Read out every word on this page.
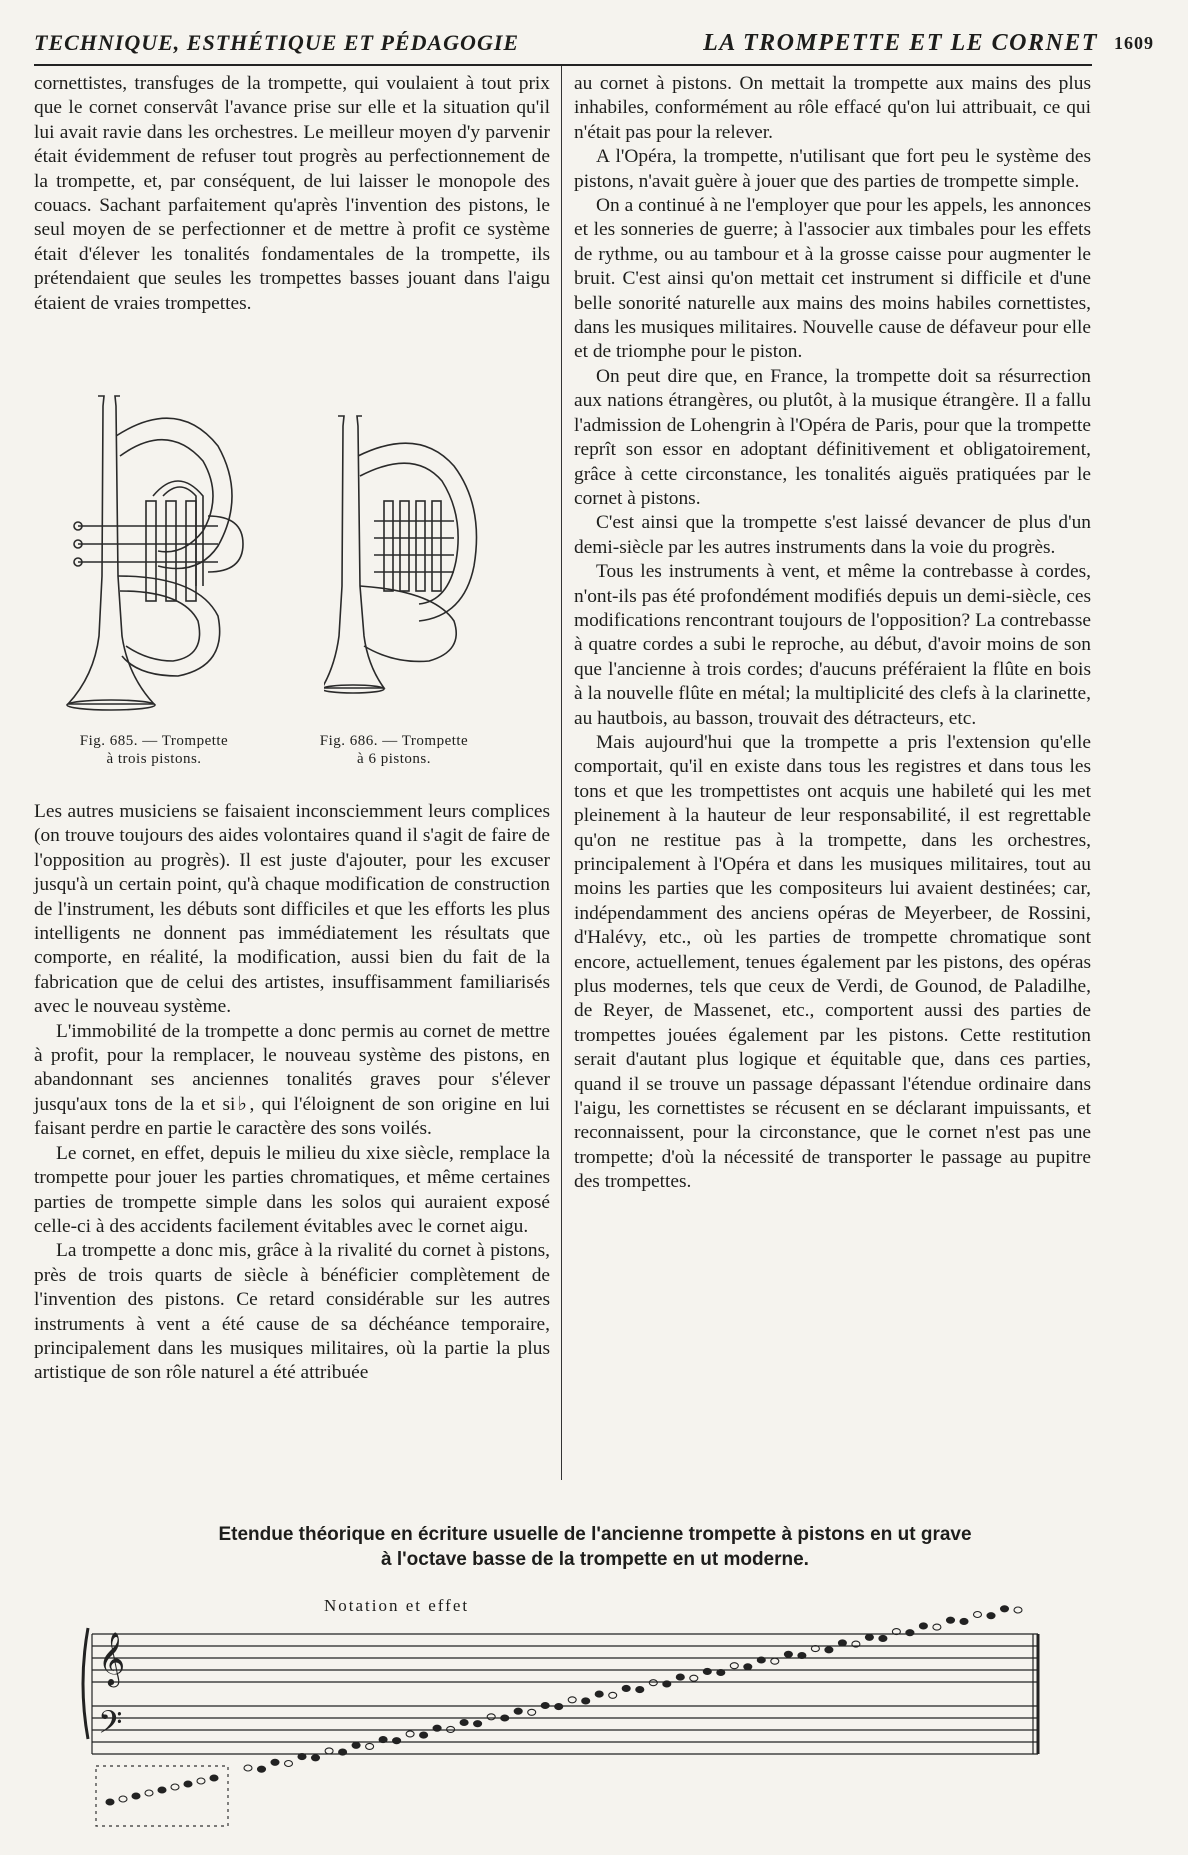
TECHNIQUE, ESTHÉTIQUE ET PÉDAGOGIE	LA TROMPETTE ET LE CORNET 1609

cornettistes, transfuges de la trompette, qui voulaient à tout prix que le cornet conservât l'avance prise sur elle et la situation qu'il lui avait ravie dans les orchestres. Le meilleur moyen d'y parvenir était évidemment de refuser tout progrès au perfectionnement de la trompette, et, par conséquent, de lui laisser le monopole des couacs. Sachant parfaitement qu'après l'invention des pistons, le seul moyen de se perfectionner et de mettre à profit ce système était d'élever les tonalités fondamentales de la trompette, ils prétendaient que seules les trompettes basses jouant dans l'aigu étaient de vraies trompettes.

Fig. 685. — Trompette
à trois pistons.
Fig. 686. — Trompette
à 6 pistons.

Les autres musiciens se faisaient inconsciemment leurs complices (on trouve toujours des aides volontaires quand il s'agit de faire de l'opposition au progrès). Il est juste d'ajouter, pour les excuser jusqu'à un certain point, qu'à chaque modification de construction de l'instrument, les débuts sont difficiles et que les efforts les plus intelligents ne donnent pas immédiatement les résultats que comporte, en réalité, la modification, aussi bien du fait de la fabrication que de celui des artistes, insuffisamment familiarisés avec le nouveau système.

L'immobilité de la trompette a donc permis au cornet de mettre à profit, pour la remplacer, le nouveau système des pistons, en abandonnant ses anciennes tonalités graves pour s'élever jusqu'aux tons de la et si♭, qui l'éloignent de son origine en lui faisant perdre en partie le caractère des sons voilés.

Le cornet, en effet, depuis le milieu du xixe siècle, remplace la trompette pour jouer les parties chromatiques, et même certaines parties de trompette simple dans les solos qui auraient exposé celle-ci à des accidents facilement évitables avec le cornet aigu.

La trompette a donc mis, grâce à la rivalité du cornet à pistons, près de trois quarts de siècle à bénéficier complètement de l'invention des pistons. Ce retard considérable sur les autres instruments à vent a été cause de sa déchéance temporaire, principalement dans les musiques militaires, où la partie la plus artistique de son rôle naturel a été attribuée

au cornet à pistons. On mettait la trompette aux mains des plus inhabiles, conformément au rôle effacé qu'on lui attribuait, ce qui n'était pas pour la relever.

A l'Opéra, la trompette, n'utilisant que fort peu le système des pistons, n'avait guère à jouer que des parties de trompette simple.

On a continué à ne l'employer que pour les appels, les annonces et les sonneries de guerre; à l'associer aux timbales pour les effets de rythme, ou au tambour et à la grosse caisse pour augmenter le bruit. C'est ainsi qu'on mettait cet instrument si difficile et d'une belle sonorité naturelle aux mains des moins habiles cornettistes, dans les musiques militaires. Nouvelle cause de défaveur pour elle et de triomphe pour le piston.

On peut dire que, en France, la trompette doit sa résurrection aux nations étrangères, ou plutôt, à la musique étrangère. Il a fallu l'admission de Lohengrin à l'Opéra de Paris, pour que la trompette reprît son essor en adoptant définitivement et obligatoirement, grâce à cette circonstance, les tonalités aiguës pratiquées par le cornet à pistons.

C'est ainsi que la trompette s'est laissé devancer de plus d'un demi-siècle par les autres instruments dans la voie du progrès.

Tous les instruments à vent, et même la contrebasse à cordes, n'ont-ils pas été profondément modifiés depuis un demi-siècle, ces modifications rencontrant toujours de l'opposition? La contrebasse à quatre cordes a subi le reproche, au début, d'avoir moins de son que l'ancienne à trois cordes; d'aucuns préféraient la flûte en bois à la nouvelle flûte en métal; la multiplicité des clefs à la clarinette, au hautbois, au basson, trouvait des détracteurs, etc.

Mais aujourd'hui que la trompette a pris l'extension qu'elle comportait, qu'il en existe dans tous les registres et dans tous les tons et que les trompettistes ont acquis une habileté qui les met pleinement à la hauteur de leur responsabilité, il est regrettable qu'on ne restitue pas à la trompette, dans les orchestres, principalement à l'Opéra et dans les musiques militaires, tout au moins les parties que les compositeurs lui avaient destinées; car, indépendamment des anciens opéras de Meyerbeer, de Rossini, d'Halévy, etc., où les parties de trompette chromatique sont encore, actuellement, tenues également par les pistons, des opéras plus modernes, tels que ceux de Verdi, de Gounod, de Paladilhe, de Reyer, de Massenet, etc., comportent aussi des parties de trompettes jouées également par les pistons. Cette restitution serait d'autant plus logique et équitable que, dans ces parties, quand il se trouve un passage dépassant l'étendue ordinaire dans l'aigu, les cornettistes se récusent en se déclarant impuissants, et reconnaissent, pour la circonstance, que le cornet n'est pas une trompette; d'où la nécessité de transporter le passage au pupitre des trompettes.

Etendue théorique en écriture usuelle de l'ancienne trompette à pistons en ut grave
à l'octave basse de la trompette en ut moderne.
Notation et effet
𝄞
𝄢
